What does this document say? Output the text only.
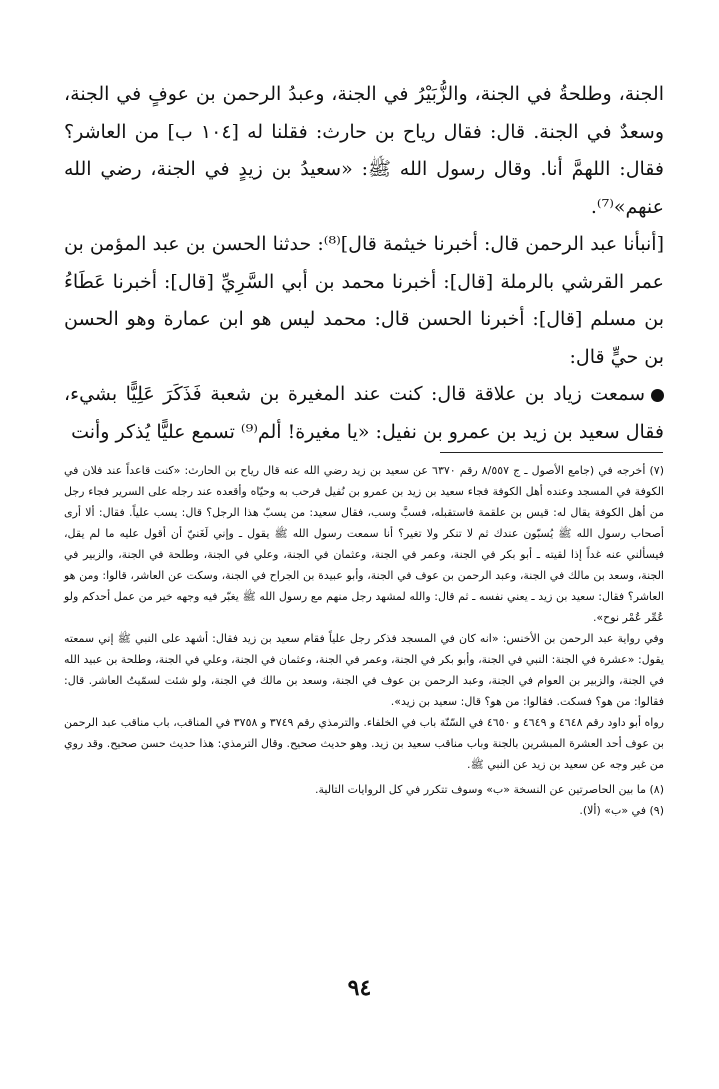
الجنة، وطلحةُ في الجنة، والزُّبَيْرُ في الجنة، وعبدُ الرحمن بن عوفٍ في الجنة، وسعدٌ في الجنة. قال: فقال رياح بن حارث: فقلنا له [١٠٤ ب] من العاشر؟ فقال: اللهمَّ أنا. وقال رسول الله ﷺ: «سعيدُ بن زيدٍ في الجنة، رضي الله عنهم»⁽⁷⁾.

[أنبأنا عبد الرحمن قال: أخبرنا خيثمة قال]⁽⁸⁾: حدثنا الحسن بن عبد المؤمن بن عمر القرشي بالرملة [قال]: أخبرنا محمد بن أبي السَّرِيِّ [قال]: أخبرنا عَطَاءُ بن مسلم [قال]: أخبرنا الحسن قال: محمد ليس هو ابن عمارة وهو الحسن بن حيٍّ قال:

سمعت زياد بن علاقة قال: كنت عند المغيرة بن شعبة فَذَكَرَ عَلِيًّا بشيء، فقال سعيد بن زيد بن عمرو بن نفيل: «يا مغيرة! ألم⁽⁹⁾ تسمع عليًّا يُذكر وأنت

(٧) أخرجه في (جامع الأصول ـ ج ٨/٥٥٧ رقم ٦٣٧٠ عن سعيد بن زيد رضي الله عنه قال رياح بن الحارث: «كنت قاعداً عند فلان في الكوفة في المسجد وعنده أهل الكوفة فجاء سعيد بن زيد بن عمرو بن نُفيل فرحب به وحيّاه وأقعده عند رجله على السرير فجاء رجل من أهل الكوفة يقال له: قيس بن علقمة فاستقبله، فسبَّ وسب، فقال سعيد: من يسبّ هذا الرجل؟ قال: يسب علياً. فقال: ألا أرى أصحاب رسول الله ﷺ يُسبّون عندك ثم لا تنكر ولا تغير؟ أنا سمعت رسول الله ﷺ يقول ـ وإني لَغَنيّ أن أقول عليه ما لم يقل، فيسألني عنه غداً إذا لقيته ـ أبو بكر في الجنة، وعمر في الجنة، وعثمان في الجنة، وعلي في الجنة، وطلحة في الجنة، والزبير في الجنة، وسعد بن مالك في الجنة، وعبد الرحمن بن عوف في الجنة، وأبو عبيدة بن الجراح في الجنة، وسكت عن العاشر، قالوا: ومن هو العاشر؟ فقال: سعيد بن زيد ـ يعني نفسه ـ ثم قال: والله لمشهد رجل منهم مع رسول الله ﷺ يغبّر فيه وجهه خير من عمل أحدكم ولو عُمِّر عُمْر نوح».

وفي رواية عبد الرحمن بن الأخنس: «انه كان في المسجد فذكر رجل علياً فقام سعيد بن زيد فقال: أشهد على النبي ﷺ إني سمعته يقول: «عشرة في الجنة: النبي في الجنة، وأبو بكر في الجنة، وعمر في الجنة، وعثمان في الجنة، وعلي في الجنة، وطلحة بن عبيد الله في الجنة، والزبير بن العوام في الجنة، وعبد الرحمن بن عوف في الجنة، وسعد بن مالك في الجنة، ولو شئت لسمّيتُ العاشر. قال: فقالوا: من هو؟ فسكت. فقالوا: من هو؟ قال: سعيد بن زيد».

رواه أبو داود رقم ٤٦٤٨ و ٤٦٤٩ و ٤٦٥٠ في السّنّة باب في الخلفاء. والترمذي رقم ٣٧٤٩ و ٣٧٥٨ في المناقب، باب مناقب عبد الرحمن بن عوف أحد العشرة المبشرين بالجنة وباب مناقب سعيد بن زيد. وهو حديث صحيح. وقال الترمذي: هذا حديث حسن صحيح. وقد روي من غير وجه عن سعيد بن زيد عن النبي ﷺ.

(٨) ما بين الحاصرتين عن النسخة «ب» وسوف تتكرر في كل الروايات التالية.

(٩) في «ب» (ألا).

٩٤
